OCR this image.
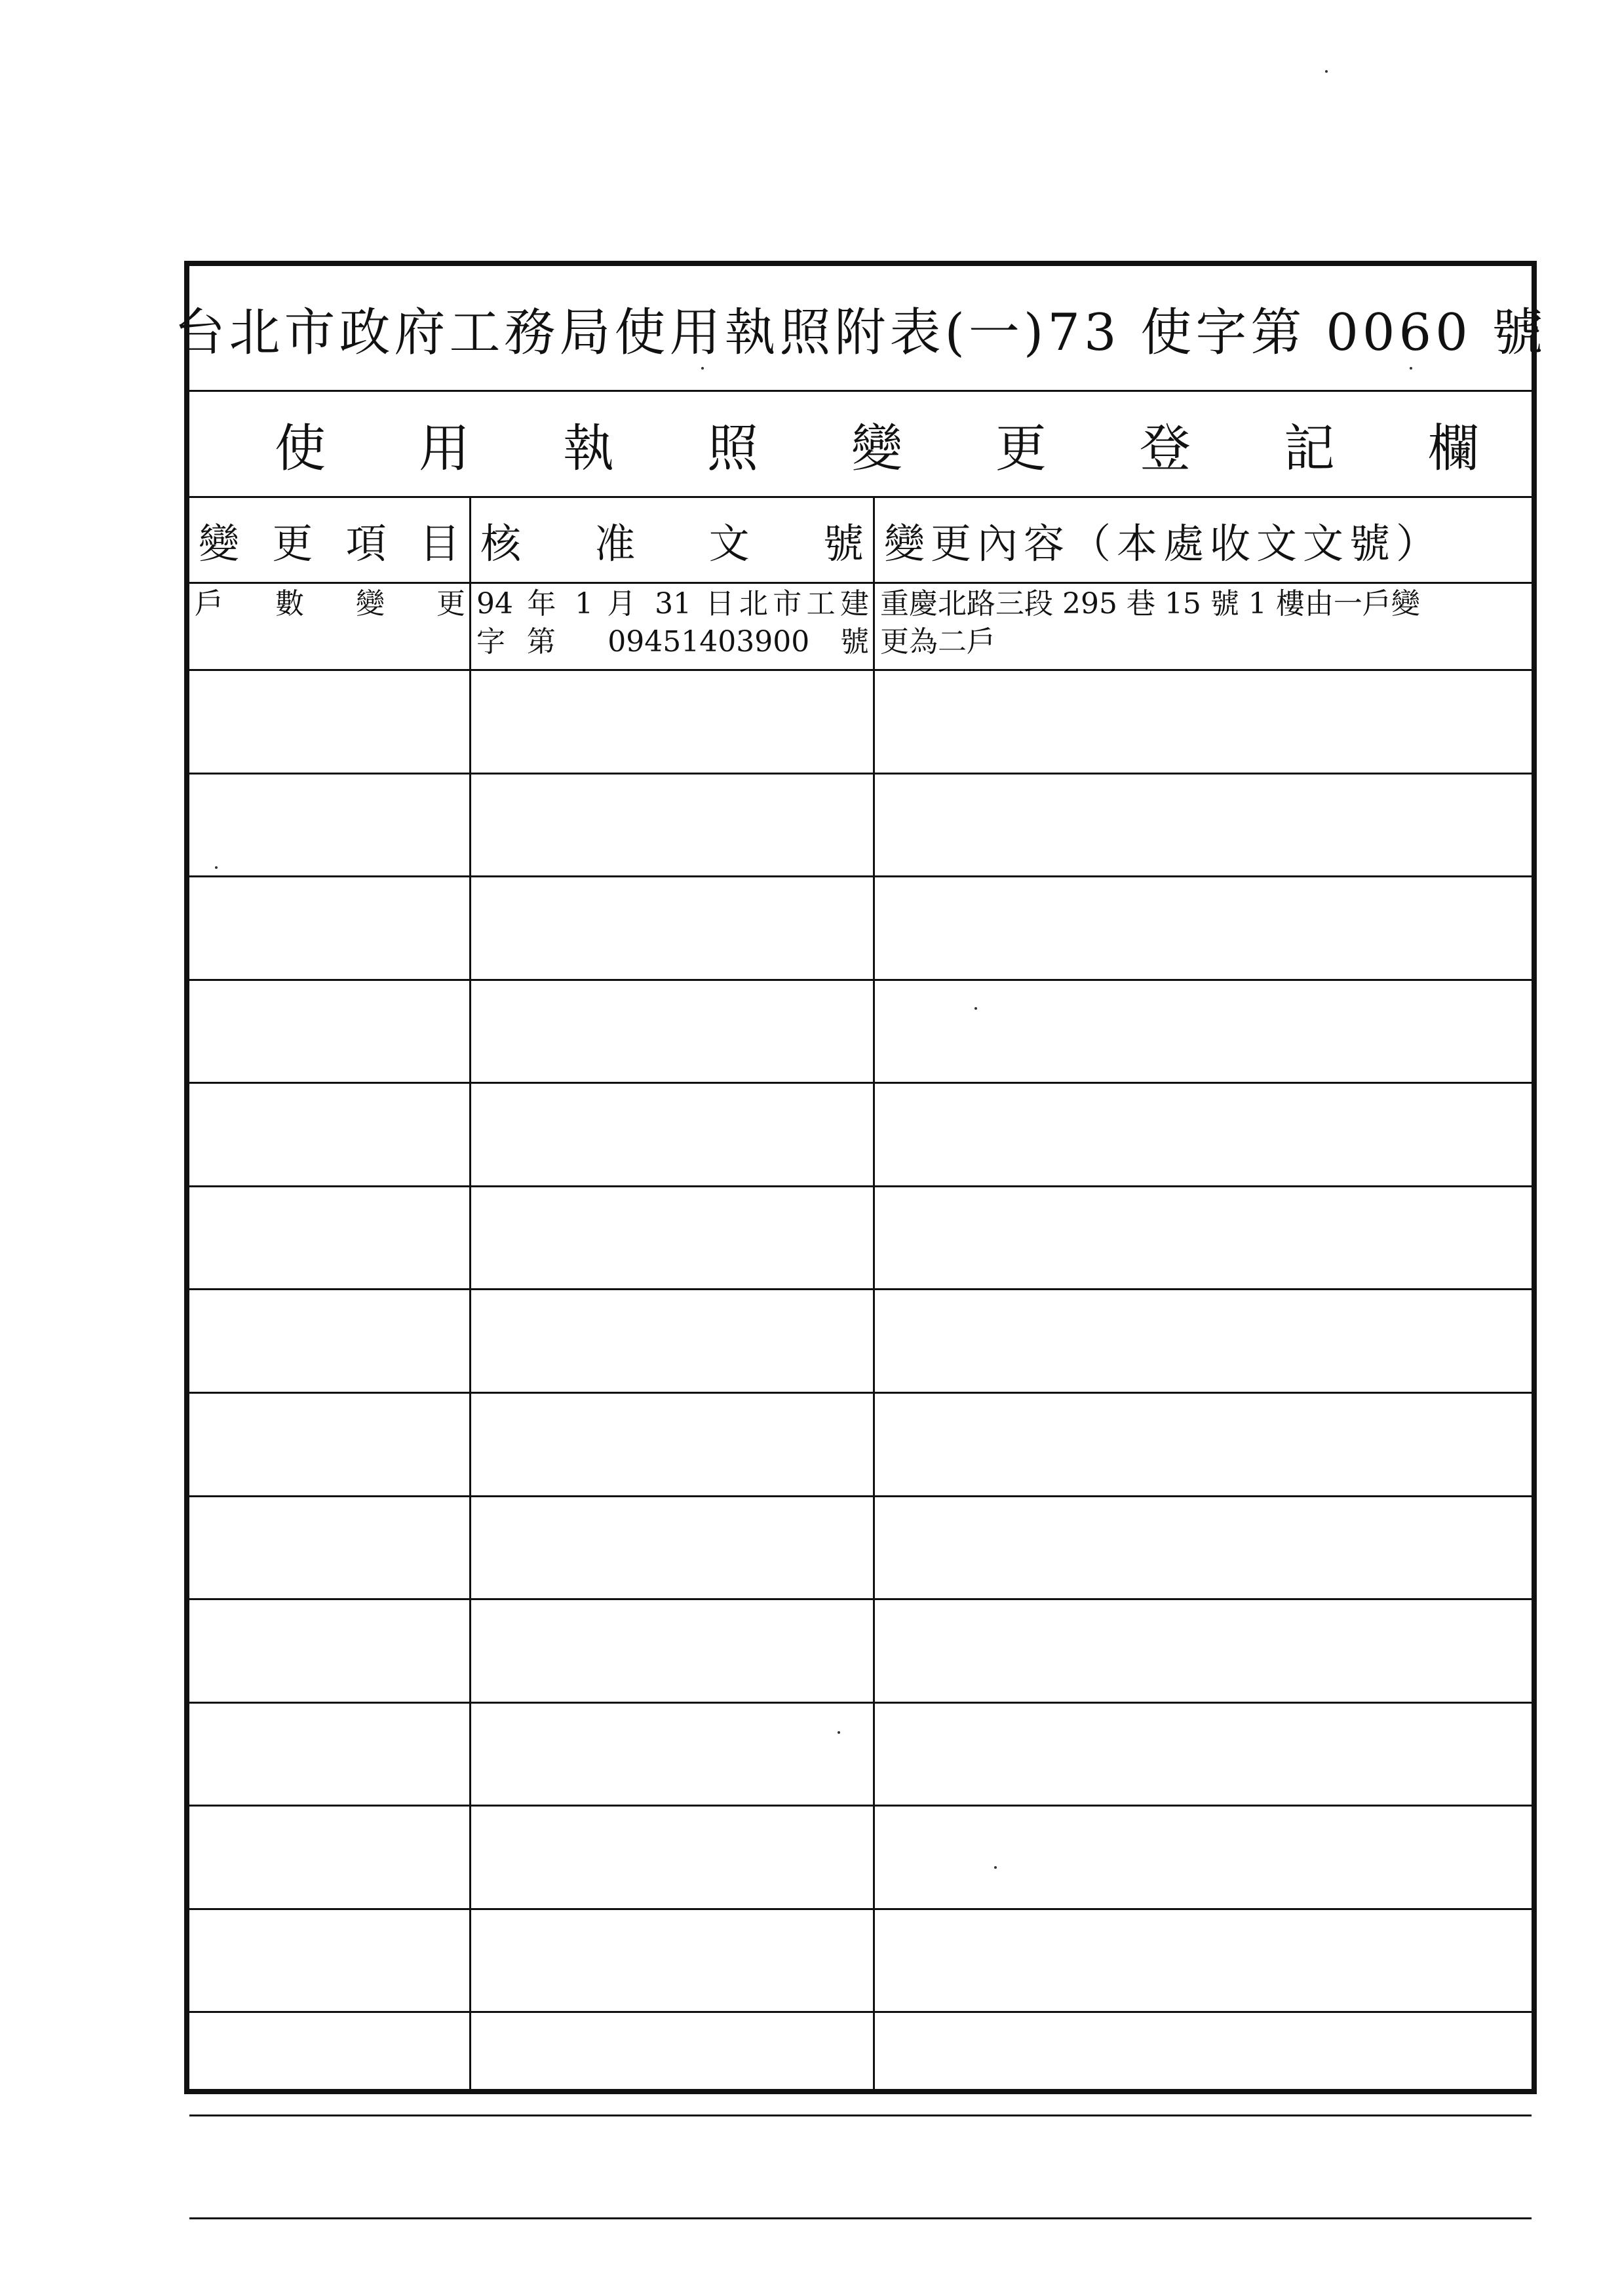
台北市政府工務局使用執照附表(一)73 使字第 0060 號
使 用 執 照 變 更 登 記 欄
變 更 項 目 核 准 文 號 變更內容（本處收文文號）
戶 數 變 更 94 年 1 月 31 日北市工建
字第 09451403900 號
重慶北路三段 295 巷 15 號 1 樓由一戶變
更為二戶
